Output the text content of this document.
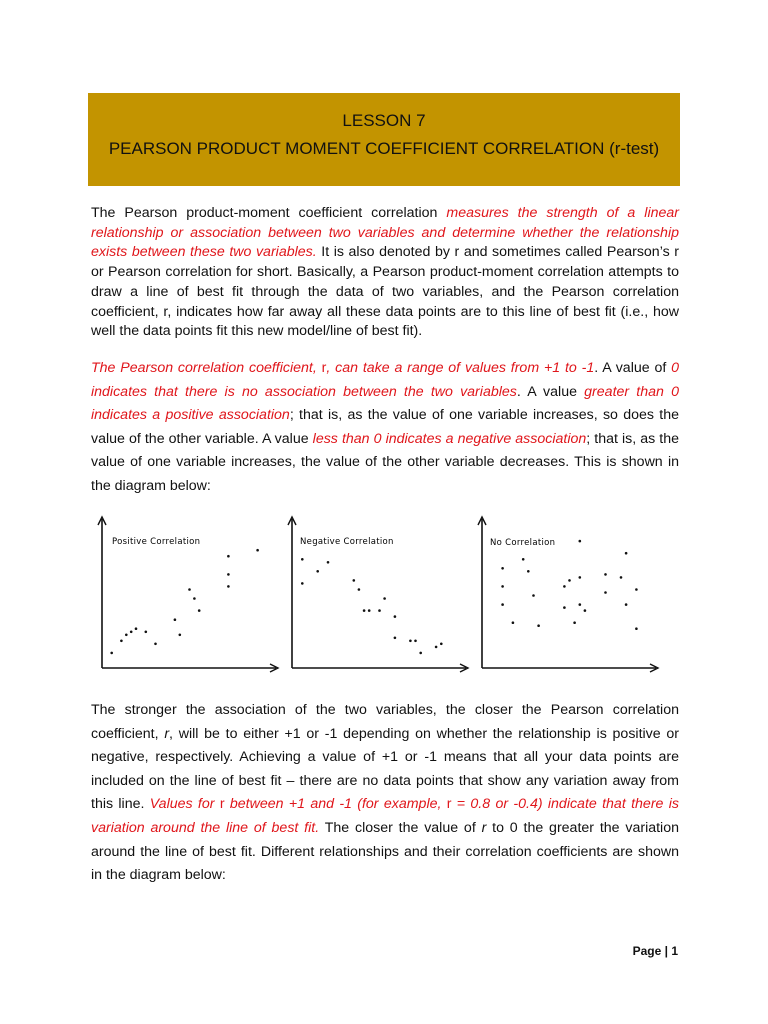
LESSON 7
PEARSON PRODUCT MOMENT COEFFICIENT CORRELATION (r-test)
The Pearson product-moment coefficient correlation measures the strength of a linear relationship or association between two variables and determine whether the relationship exists between these two variables. It is also denoted by r and sometimes called Pearson’s r or Pearson correlation for short. Basically, a Pearson product-moment correlation attempts to draw a line of best fit through the data of two variables, and the Pearson correlation coefficient, r, indicates how far away all these data points are to this line of best fit (i.e., how well the data points fit this new model/line of best fit).
The Pearson correlation coefficient, r, can take a range of values from +1 to -1. A value of 0 indicates that there is no association between the two variables. A value greater than 0 indicates a positive association; that is, as the value of one variable increases, so does the value of the other variable. A value less than 0 indicates a negative association; that is, as the value of one variable increases, the value of the other variable decreases. This is shown in the diagram below:
Positive Correlation	Negative Correlation	No Correlation
The stronger the association of the two variables, the closer the Pearson correlation coefficient, r, will be to either +1 or -1 depending on whether the relationship is positive or negative, respectively. Achieving a value of +1 or -1 means that all your data points are included on the line of best fit – there are no data points that show any variation away from this line. Values for r between +1 and -1 (for example, r = 0.8 or -0.4) indicate that there is variation around the line of best fit. The closer the value of r to 0 the greater the variation around the line of best fit. Different relationships and their correlation coefficients are shown in the diagram below:
Page | 1
